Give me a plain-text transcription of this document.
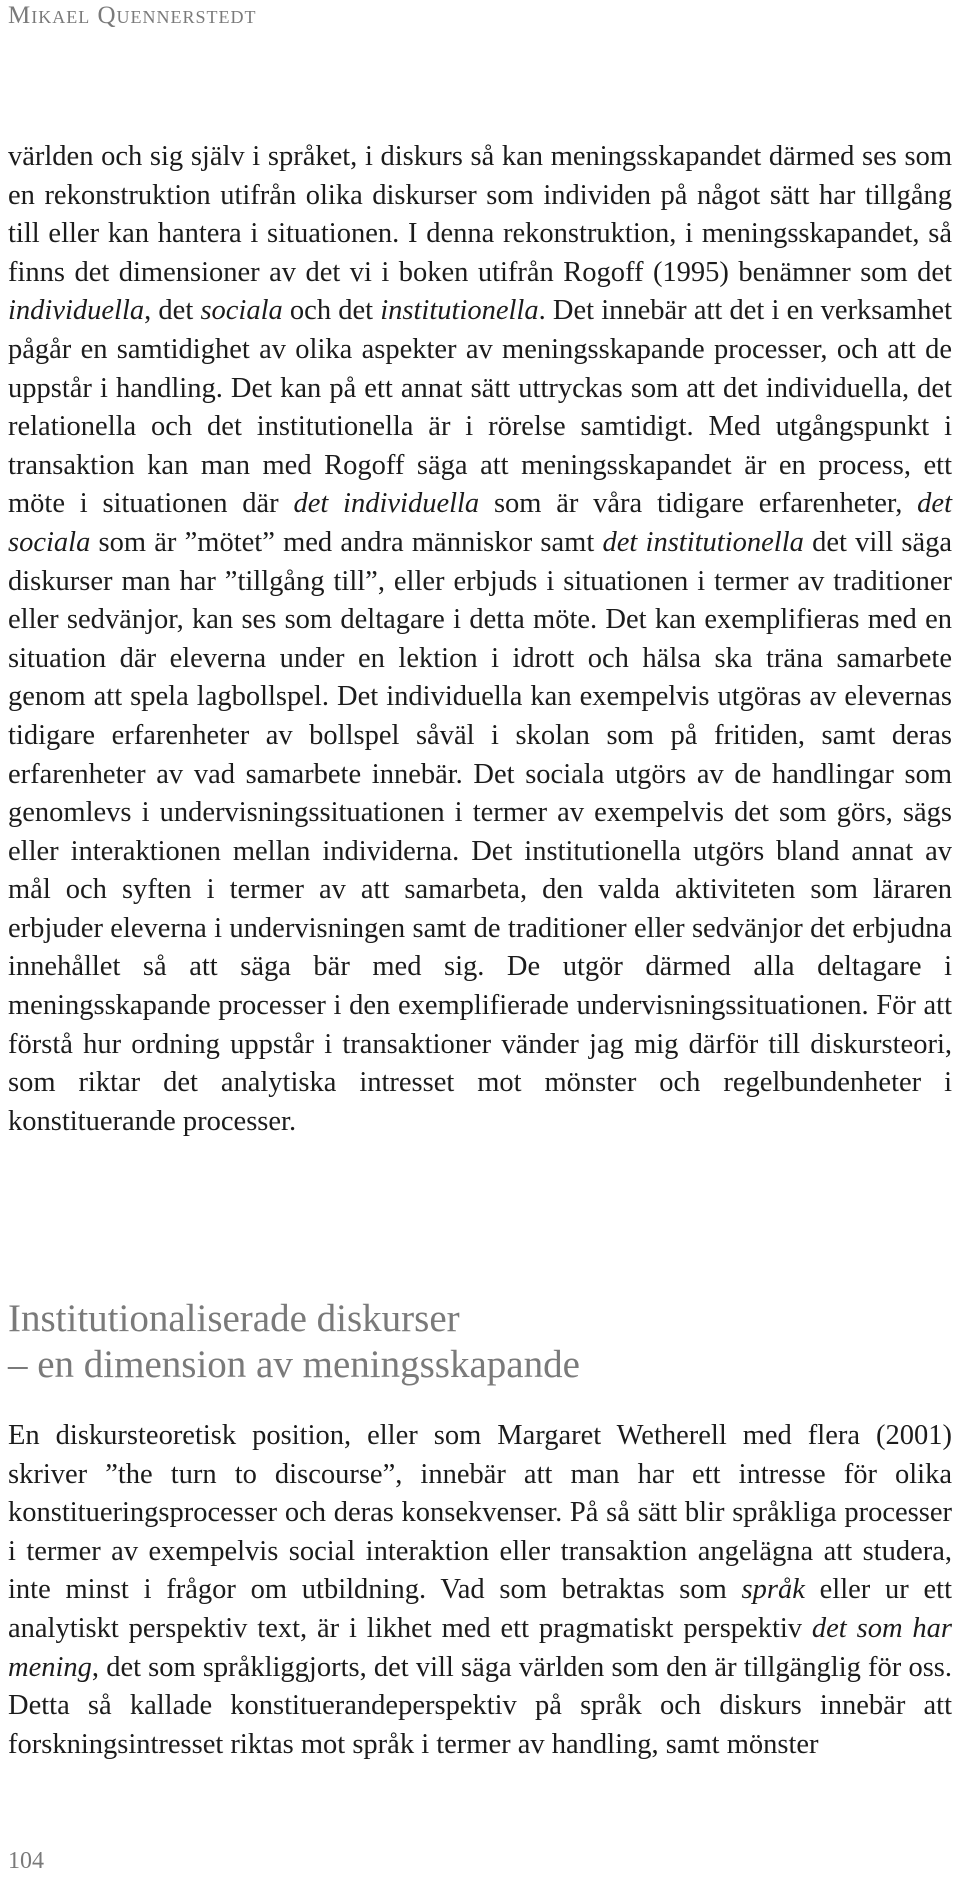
Mikael Quennerstedt
världen och sig själv i språket, i diskurs så kan meningsskapandet därmed ses som en rekonstruktion utifrån olika diskurser som individen på något sätt har tillgång till eller kan hantera i situationen. I denna rekonstruktion, i meningsskapandet, så finns det dimensioner av det vi i boken utifrån Rogoff (1995) benämner som det individuella, det sociala och det institutionella. Det innebär att det i en verksamhet pågår en samtidighet av olika aspekter av meningsskapande processer, och att de uppstår i handling. Det kan på ett annat sätt uttryckas som att det individuella, det relationella och det institutionella är i rörelse samtidigt. Med utgångspunkt i transaktion kan man med Rogoff säga att meningsskapandet är en process, ett möte i situationen där det individuella som är våra tidigare erfarenheter, det sociala som är ”mötet” med andra människor samt det institutionella det vill säga diskurser man har ”tillgång till”, eller erbjuds i situationen i termer av traditioner eller sedvänjor, kan ses som deltagare i detta möte. Det kan exemplifieras med en situation där eleverna under en lektion i idrott och hälsa ska träna samarbete genom att spela lagbollspel. Det individuella kan exempelvis utgöras av elevernas tidigare erfarenheter av bollspel såväl i skolan som på fritiden, samt deras erfarenheter av vad samarbete innebär. Det sociala utgörs av de handlingar som genomlevs i undervisningssituationen i termer av exempelvis det som görs, sägs eller interaktionen mellan individerna. Det institutionella utgörs bland annat av mål och syften i termer av att samarbeta, den valda aktiviteten som läraren erbjuder eleverna i undervisningen samt de traditioner eller sedvänjor det erbjudna innehållet så att säga bär med sig. De utgör därmed alla deltagare i meningsskapande processer i den exemplifierade undervisningssituationen. För att förstå hur ordning uppstår i transaktioner vänder jag mig därför till diskursteori, som riktar det analytiska intresset mot mönster och regelbundenheter i konstituerande processer.
Institutionaliserade diskurser
– en dimension av meningsskapande
En diskursteoretisk position, eller som Margaret Wetherell med flera (2001) skriver ”the turn to discourse”, innebär att man har ett intresse för olika konstitueringsprocesser och deras konsekvenser. På så sätt blir språkliga processer i termer av exempelvis social interaktion eller transaktion angelägna att studera, inte minst i frågor om utbildning. Vad som betraktas som språk eller ur ett analytiskt perspektiv text, är i likhet med ett pragmatiskt perspektiv det som har mening, det som språkliggjorts, det vill säga världen som den är tillgänglig för oss. Detta så kallade konstituerandeperspektiv på språk och diskurs innebär att forskningsintresset riktas mot språk i termer av handling, samt mönster
104
